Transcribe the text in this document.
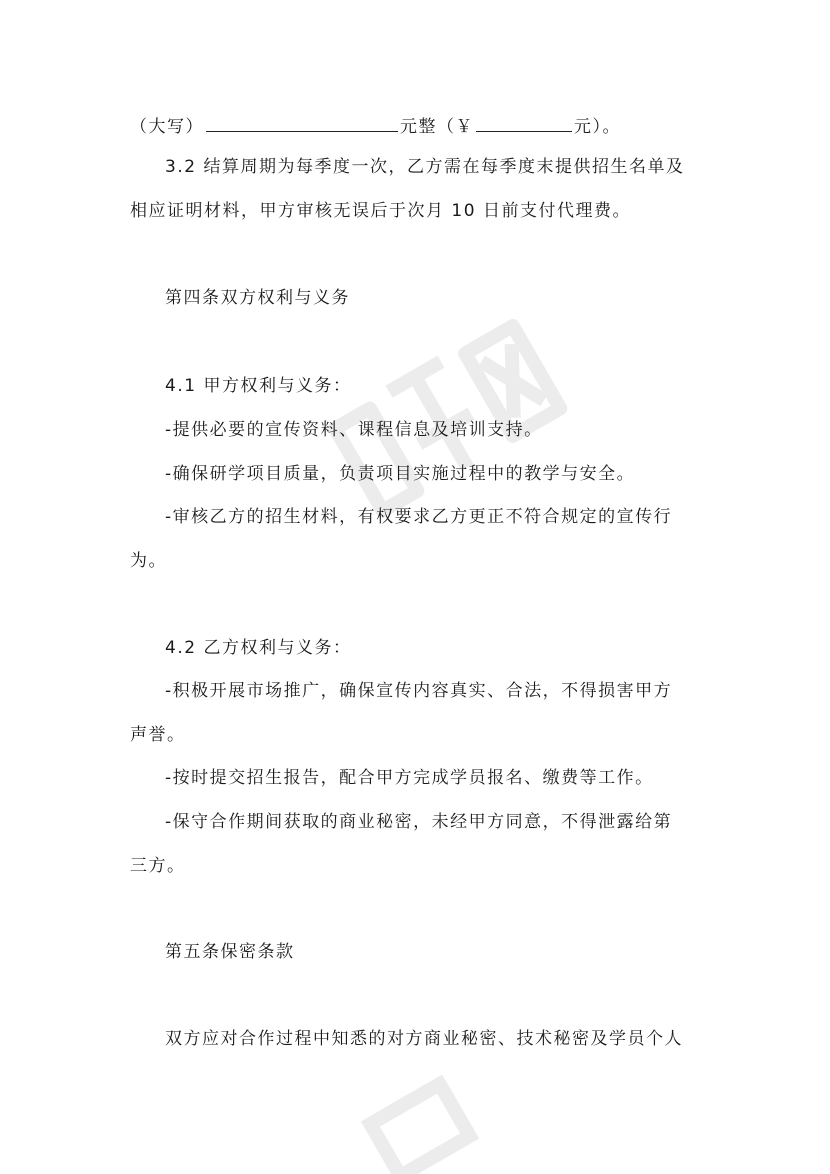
（大写）	元整（￥	元）。
3.2 结算周期为每季度一次，乙方需在每季度末提供招生名单及
相应证明材料，甲方审核无误后于次月 10 日前支付代理费。
第四条双方权利与义务
4.1 甲方权利与义务：
-提供必要的宣传资料、课程信息及培训支持。
-确保研学项目质量，负责项目实施过程中的教学与安全。
-审核乙方的招生材料，有权要求乙方更正不符合规定的宣传行
为。
4.2 乙方权利与义务：
-积极开展市场推广，确保宣传内容真实、合法，不得损害甲方
声誉。
-按时提交招生报告，配合甲方完成学员报名、缴费等工作。
-保守合作期间获取的商业秘密，未经甲方同意，不得泄露给第
三方。
第五条保密条款
双方应对合作过程中知悉的对方商业秘密、技术秘密及学员个人
